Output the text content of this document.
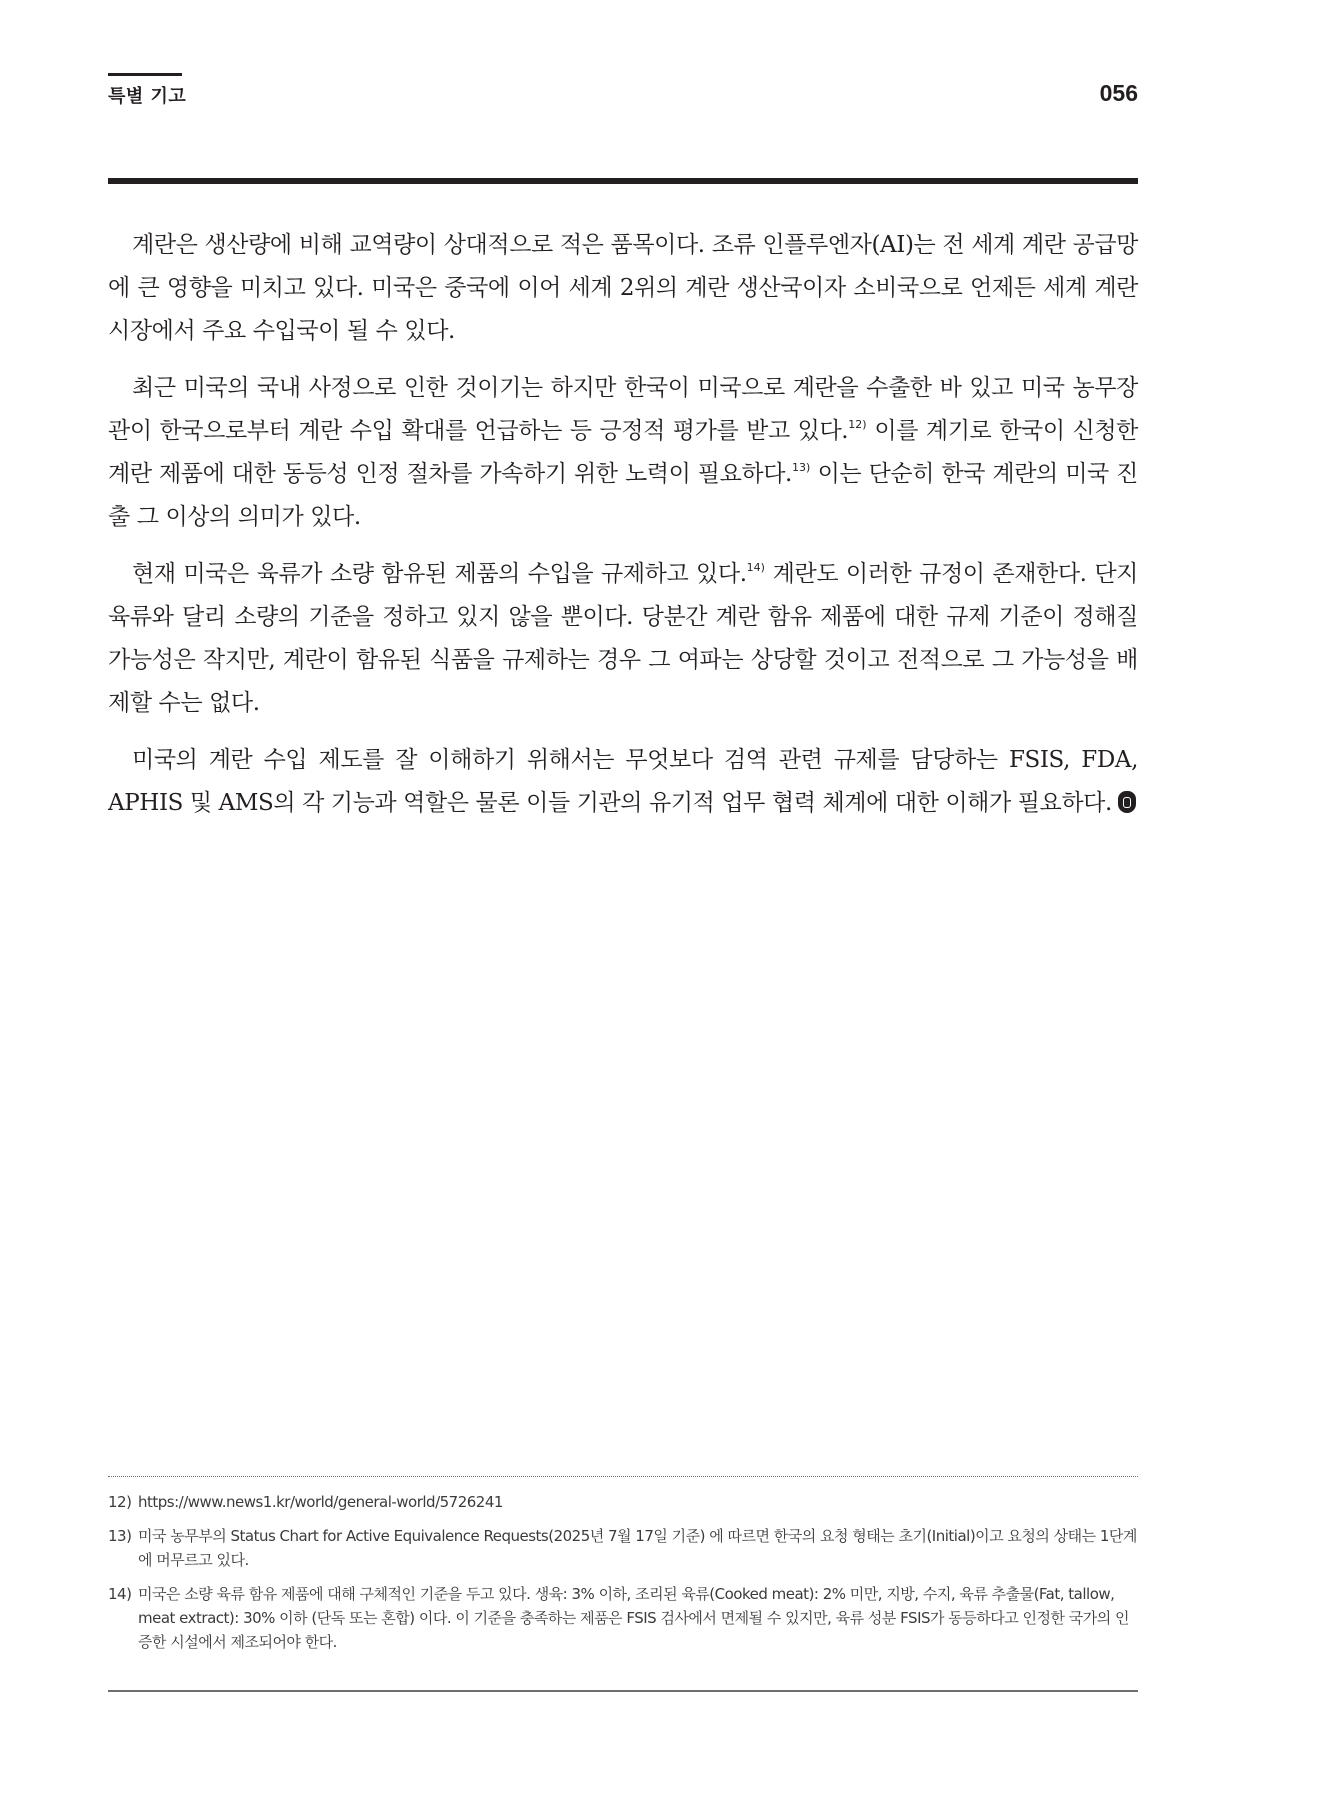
특별 기고	056

계란은 생산량에 비해 교역량이 상대적으로 적은 품목이다. 조류 인플루엔자(AI)는 전 세계 계란 공급망에 큰 영향을 미치고 있다. 미국은 중국에 이어 세계 2위의 계란 생산국이자 소비국으로 언제든 세계 계란 시장에서 주요 수입국이 될 수 있다.

최근 미국의 국내 사정으로 인한 것이기는 하지만 한국이 미국으로 계란을 수출한 바 있고 미국 농무장관이 한국으로부터 계란 수입 확대를 언급하는 등 긍정적 평가를 받고 있다.$^{12)}$ 이를 계기로 한국이 신청한 계란 제품에 대한 동등성 인정 절차를 가속하기 위한 노력이 필요하다.$^{13)}$ 이는 단순히 한국 계란의 미국 진출 그 이상의 의미가 있다.

현재 미국은 육류가 소량 함유된 제품의 수입을 규제하고 있다.$^{14)}$ 계란도 이러한 규정이 존재한다. 단지 육류와 달리 소량의 기준을 정하고 있지 않을 뿐이다. 당분간 계란 함유 제품에 대한 규제 기준이 정해질 가능성은 작지만, 계란이 함유된 식품을 규제하는 경우 그 여파는 상당할 것이고 전적으로 그 가능성을 배제할 수는 없다.

미국의 계란 수입 제도를 잘 이해하기 위해서는 무엇보다 검역 관련 규제를 담당하는 FSIS, FDA, APHIS 및 AMS의 각 기능과 역할은 물론 이들 기관의 유기적 업무 협력 체계에 대한 이해가 필요하다.

12) https://www.news1.kr/world/general-world/5726241
13) 미국 농무부의 Status Chart for Active Equivalence Requests(2025년 7월 17일 기준) 에 따르면 한국의 요청 형태는 초기(Initial)이고 요청의 상태는 1단계에 머무르고 있다.
14) 미국은 소량 육류 함유 제품에 대해 구체적인 기준을 두고 있다. 생육: 3% 이하, 조리된 육류(Cooked meat): 2% 미만, 지방, 수지, 육류 추출물(Fat, tallow, meat extract): 30% 이하 (단독 또는 혼합) 이다. 이 기준을 충족하는 제품은 FSIS 검사에서 면제될 수 있지만, 육류 성분 FSIS가 동등하다고 인정한 국가의 인증한 시설에서 제조되어야 한다.
